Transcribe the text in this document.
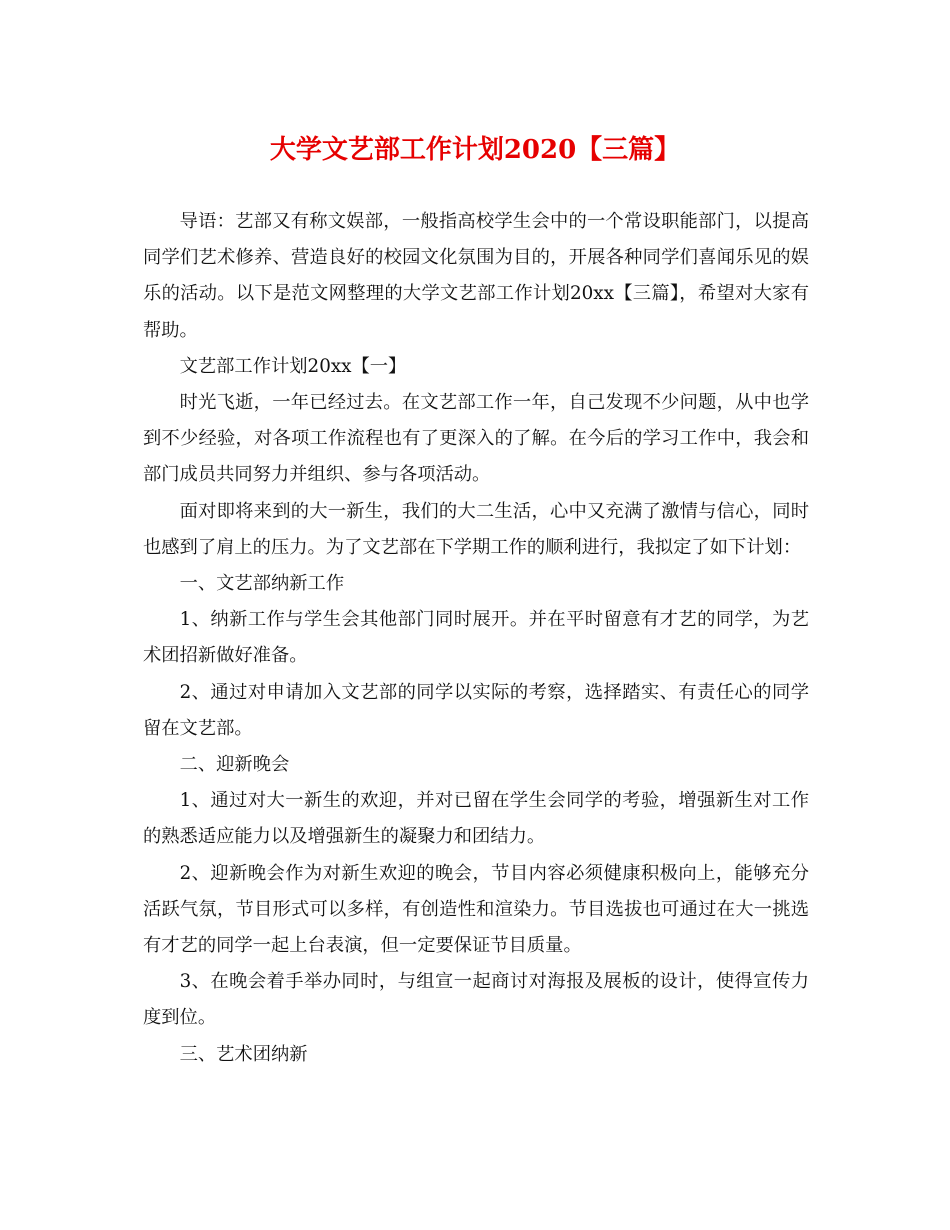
大学文艺部工作计划2020【三篇】

导语：艺部又有称文娱部，一般指高校学生会中的一个常设职能部门，以提高同学们艺术修养、营造良好的校园文化氛围为目的，开展各种同学们喜闻乐见的娱乐的活动。以下是范文网整理的大学文艺部工作计划20xx【三篇】，希望对大家有帮助。

文艺部工作计划20xx【一】

时光飞逝，一年已经过去。在文艺部工作一年，自己发现不少问题，从中也学到不少经验，对各项工作流程也有了更深入的了解。在今后的学习工作中，我会和部门成员共同努力并组织、参与各项活动。

面对即将来到的大一新生，我们的大二生活，心中又充满了激情与信心，同时也感到了肩上的压力。为了文艺部在下学期工作的顺利进行，我拟定了如下计划：

一、文艺部纳新工作

1、纳新工作与学生会其他部门同时展开。并在平时留意有才艺的同学，为艺术团招新做好准备。

2、通过对申请加入文艺部的同学以实际的考察，选择踏实、有责任心的同学留在文艺部。

二、迎新晚会

1、通过对大一新生的欢迎，并对已留在学生会同学的考验，增强新生对工作的熟悉适应能力以及增强新生的凝聚力和团结力。

2、迎新晚会作为对新生欢迎的晚会，节目内容必须健康积极向上，能够充分活跃气氛，节目形式可以多样，有创造性和渲染力。节目选拔也可通过在大一挑选有才艺的同学一起上台表演，但一定要保证节目质量。

3、在晚会着手举办同时，与组宣一起商讨对海报及展板的设计，使得宣传力度到位。

三、艺术团纳新
